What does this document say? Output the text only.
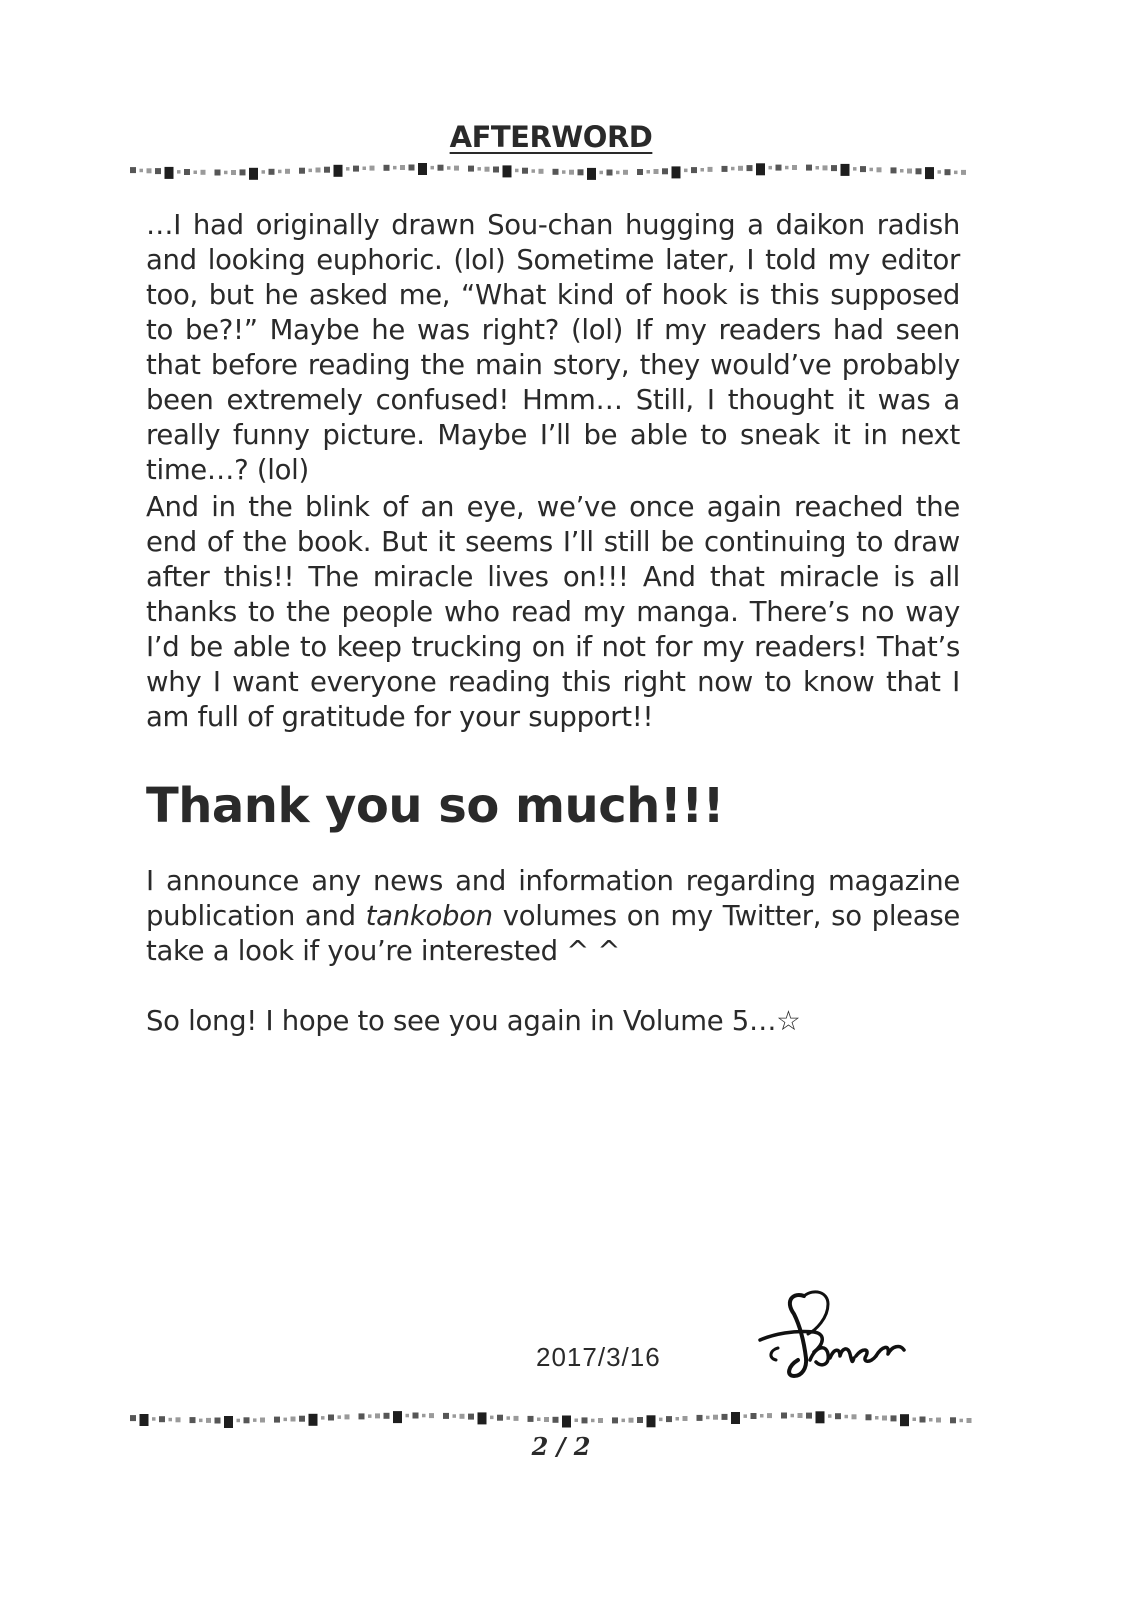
AFTERWORD

…I had originally drawn Sou-chan hugging a daikon radish and looking euphoric. (lol) Sometime later, I told my editor too, but he asked me, “What kind of hook is this supposed to be?!” Maybe he was right? (lol) If my readers had seen that before reading the main story, they would’ve probably been extremely confused! Hmm… Still, I thought it was a really funny picture. Maybe I’ll be able to sneak it in next time…? (lol)

And in the blink of an eye, we’ve once again reached the end of the book. But it seems I’ll still be continuing to draw after this!! The miracle lives on!!! And that miracle is all thanks to the people who read my manga. There’s no way I’d be able to keep trucking on if not for my readers! That’s why I want everyone reading this right now to know that I am full of gratitude for your support!!

Thank you so much!!!

I announce any news and information regarding magazine publication and tankobon volumes on my Twitter, so please take a look if you’re interested ^ ^

So long! I hope to see you again in Volume 5…☆

2017/3/16
2 / 2
